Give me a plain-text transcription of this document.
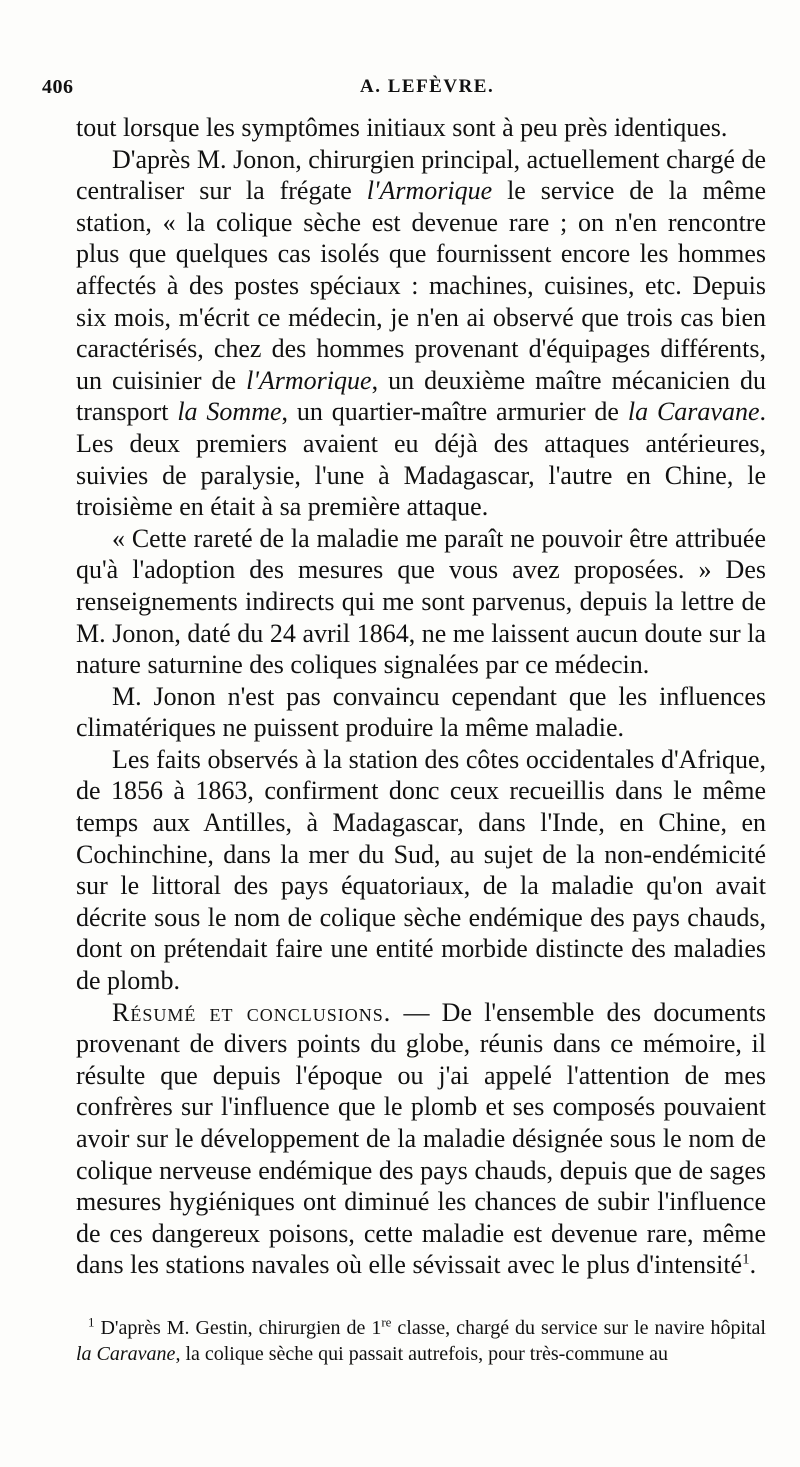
406	A. LEFÈVRE.

tout lorsque les symptômes initiaux sont à peu près identiques.

D'après M. Jonon, chirurgien principal, actuellement chargé de centraliser sur la frégate l'Armorique le service de la même station, « la colique sèche est devenue rare ; on n'en rencontre plus que quelques cas isolés que fournissent encore les hommes affectés à des postes spéciaux : machines, cuisines, etc. Depuis six mois, m'écrit ce médecin, je n'en ai observé que trois cas bien caractérisés, chez des hommes provenant d'équipages différents, un cuisinier de l'Armorique, un deuxième maître mécanicien du transport la Somme, un quartier-maître armurier de la Caravane. Les deux premiers avaient eu déjà des attaques antérieures, suivies de paralysie, l'une à Madagascar, l'autre en Chine, le troisième en était à sa première attaque.

« Cette rareté de la maladie me paraît ne pouvoir être attribuée qu'à l'adoption des mesures que vous avez proposées. » Des renseignements indirects qui me sont parvenus, depuis la lettre de M. Jonon, daté du 24 avril 1864, ne me laissent aucun doute sur la nature saturnine des coliques signalées par ce médecin.

M. Jonon n'est pas convaincu cependant que les influences climatériques ne puissent produire la même maladie.

Les faits observés à la station des côtes occidentales d'Afrique, de 1856 à 1863, confirment donc ceux recueillis dans le même temps aux Antilles, à Madagascar, dans l'Inde, en Chine, en Cochinchine, dans la mer du Sud, au sujet de la non-endémicité sur le littoral des pays équatoriaux, de la maladie qu'on avait décrite sous le nom de colique sèche endémique des pays chauds, dont on prétendait faire une entité morbide distincte des maladies de plomb.

Résumé et conclusions. — De l'ensemble des documents provenant de divers points du globe, réunis dans ce mémoire, il résulte que depuis l'époque ou j'ai appelé l'attention de mes confrères sur l'influence que le plomb et ses composés pouvaient avoir sur le développement de la maladie désignée sous le nom de colique nerveuse endémique des pays chauds, depuis que de sages mesures hygiéniques ont diminué les chances de subir l'influence de ces dangereux poisons, cette maladie est devenue rare, même dans les stations navales où elle sévissait avec le plus d'intensité$^1$.

$^1$ D'après M. Gestin, chirurgien de 1re classe, chargé du service sur le navire hôpital la Caravane, la colique sèche qui passait autrefois, pour très-commune au
